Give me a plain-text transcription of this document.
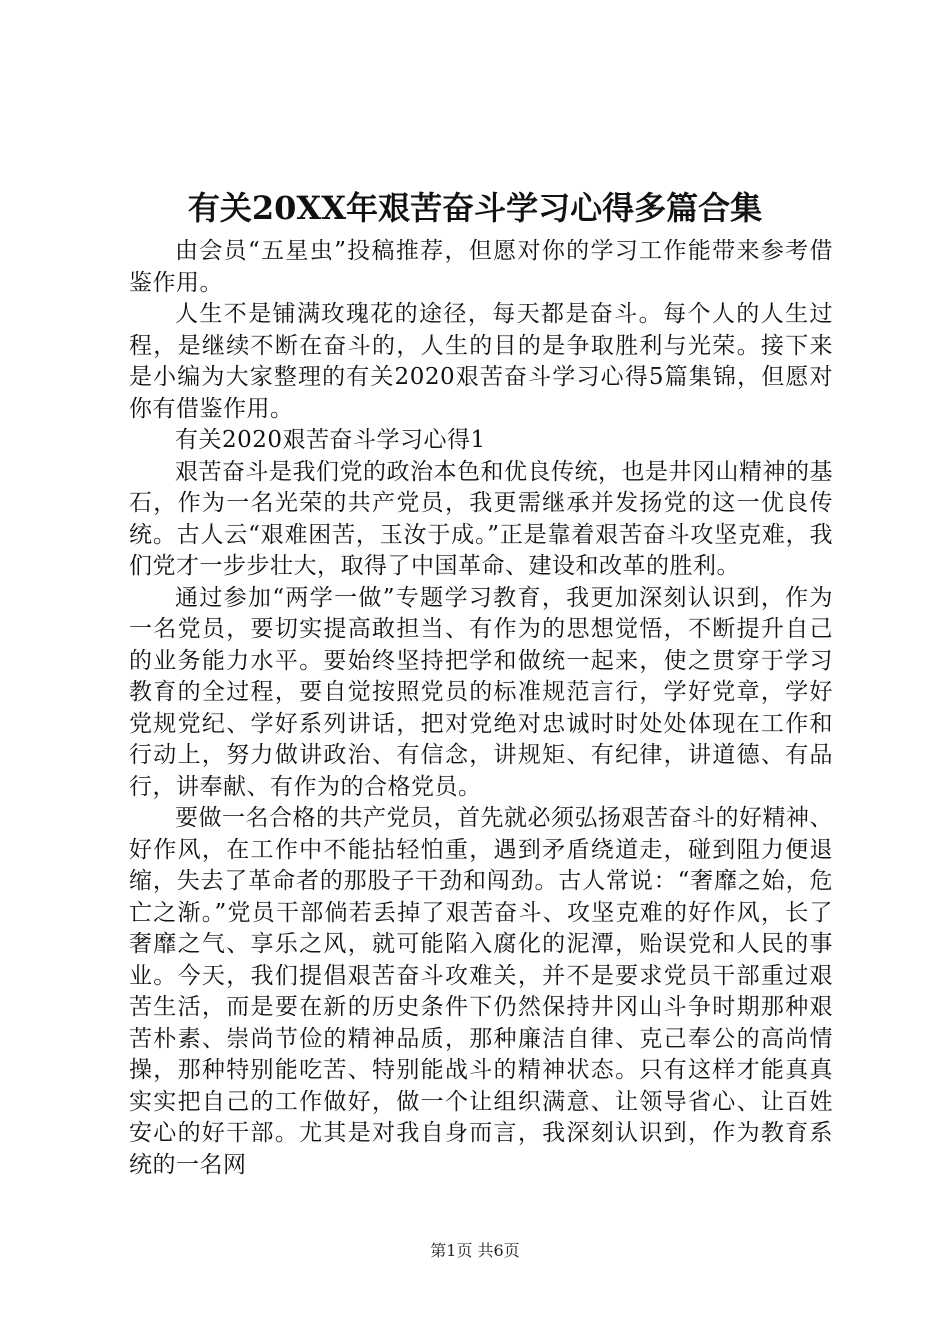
有关20XX年艰苦奋斗学习心得多篇合集

由会员“五星虫”投稿推荐，但愿对你的学习工作能带来参考借鉴作用。

人生不是铺满玫瑰花的途径，每天都是奋斗。每个人的人生过程，是继续不断在奋斗的，人生的目的是争取胜利与光荣。接下来是小编为大家整理的有关2020艰苦奋斗学习心得5篇集锦，但愿对你有借鉴作用。

有关2020艰苦奋斗学习心得1

艰苦奋斗是我们党的政治本色和优良传统，也是井冈山精神的基石，作为一名光荣的共产党员，我更需继承并发扬党的这一优良传统。古人云“艰难困苦，玉汝于成。”正是靠着艰苦奋斗攻坚克难，我们党才一步步壮大，取得了中国革命、建设和改革的胜利。

通过参加“两学一做”专题学习教育，我更加深刻认识到，作为一名党员，要切实提高敢担当、有作为的思想觉悟，不断提升自己的业务能力水平。要始终坚持把学和做统一起来，使之贯穿于学习教育的全过程，要自觉按照党员的标准规范言行，学好党章，学好党规党纪、学好系列讲话，把对党绝对忠诚时时处处体现在工作和行动上，努力做讲政治、有信念，讲规矩、有纪律，讲道德、有品行，讲奉献、有作为的合格党员。

要做一名合格的共产党员，首先就必须弘扬艰苦奋斗的好精神、好作风，在工作中不能拈轻怕重，遇到矛盾绕道走，碰到阻力便退缩，失去了革命者的那股子干劲和闯劲。古人常说：“奢靡之始，危亡之渐。”党员干部倘若丢掉了艰苦奋斗、攻坚克难的好作风，长了奢靡之气、享乐之风，就可能陷入腐化的泥潭，贻误党和人民的事业。今天，我们提倡艰苦奋斗攻难关，并不是要求党员干部重过艰苦生活，而是要在新的历史条件下仍然保持井冈山斗争时期那种艰苦朴素、崇尚节俭的精神品质，那种廉洁自律、克己奉公的高尚情操，那种特别能吃苦、特别能战斗的精神状态。只有这样才能真真实实把自己的工作做好，做一个让组织满意、让领导省心、让百姓安心的好干部。尤其是对我自身而言，我深刻认识到，作为教育系统的一名网

第1页 共6页
